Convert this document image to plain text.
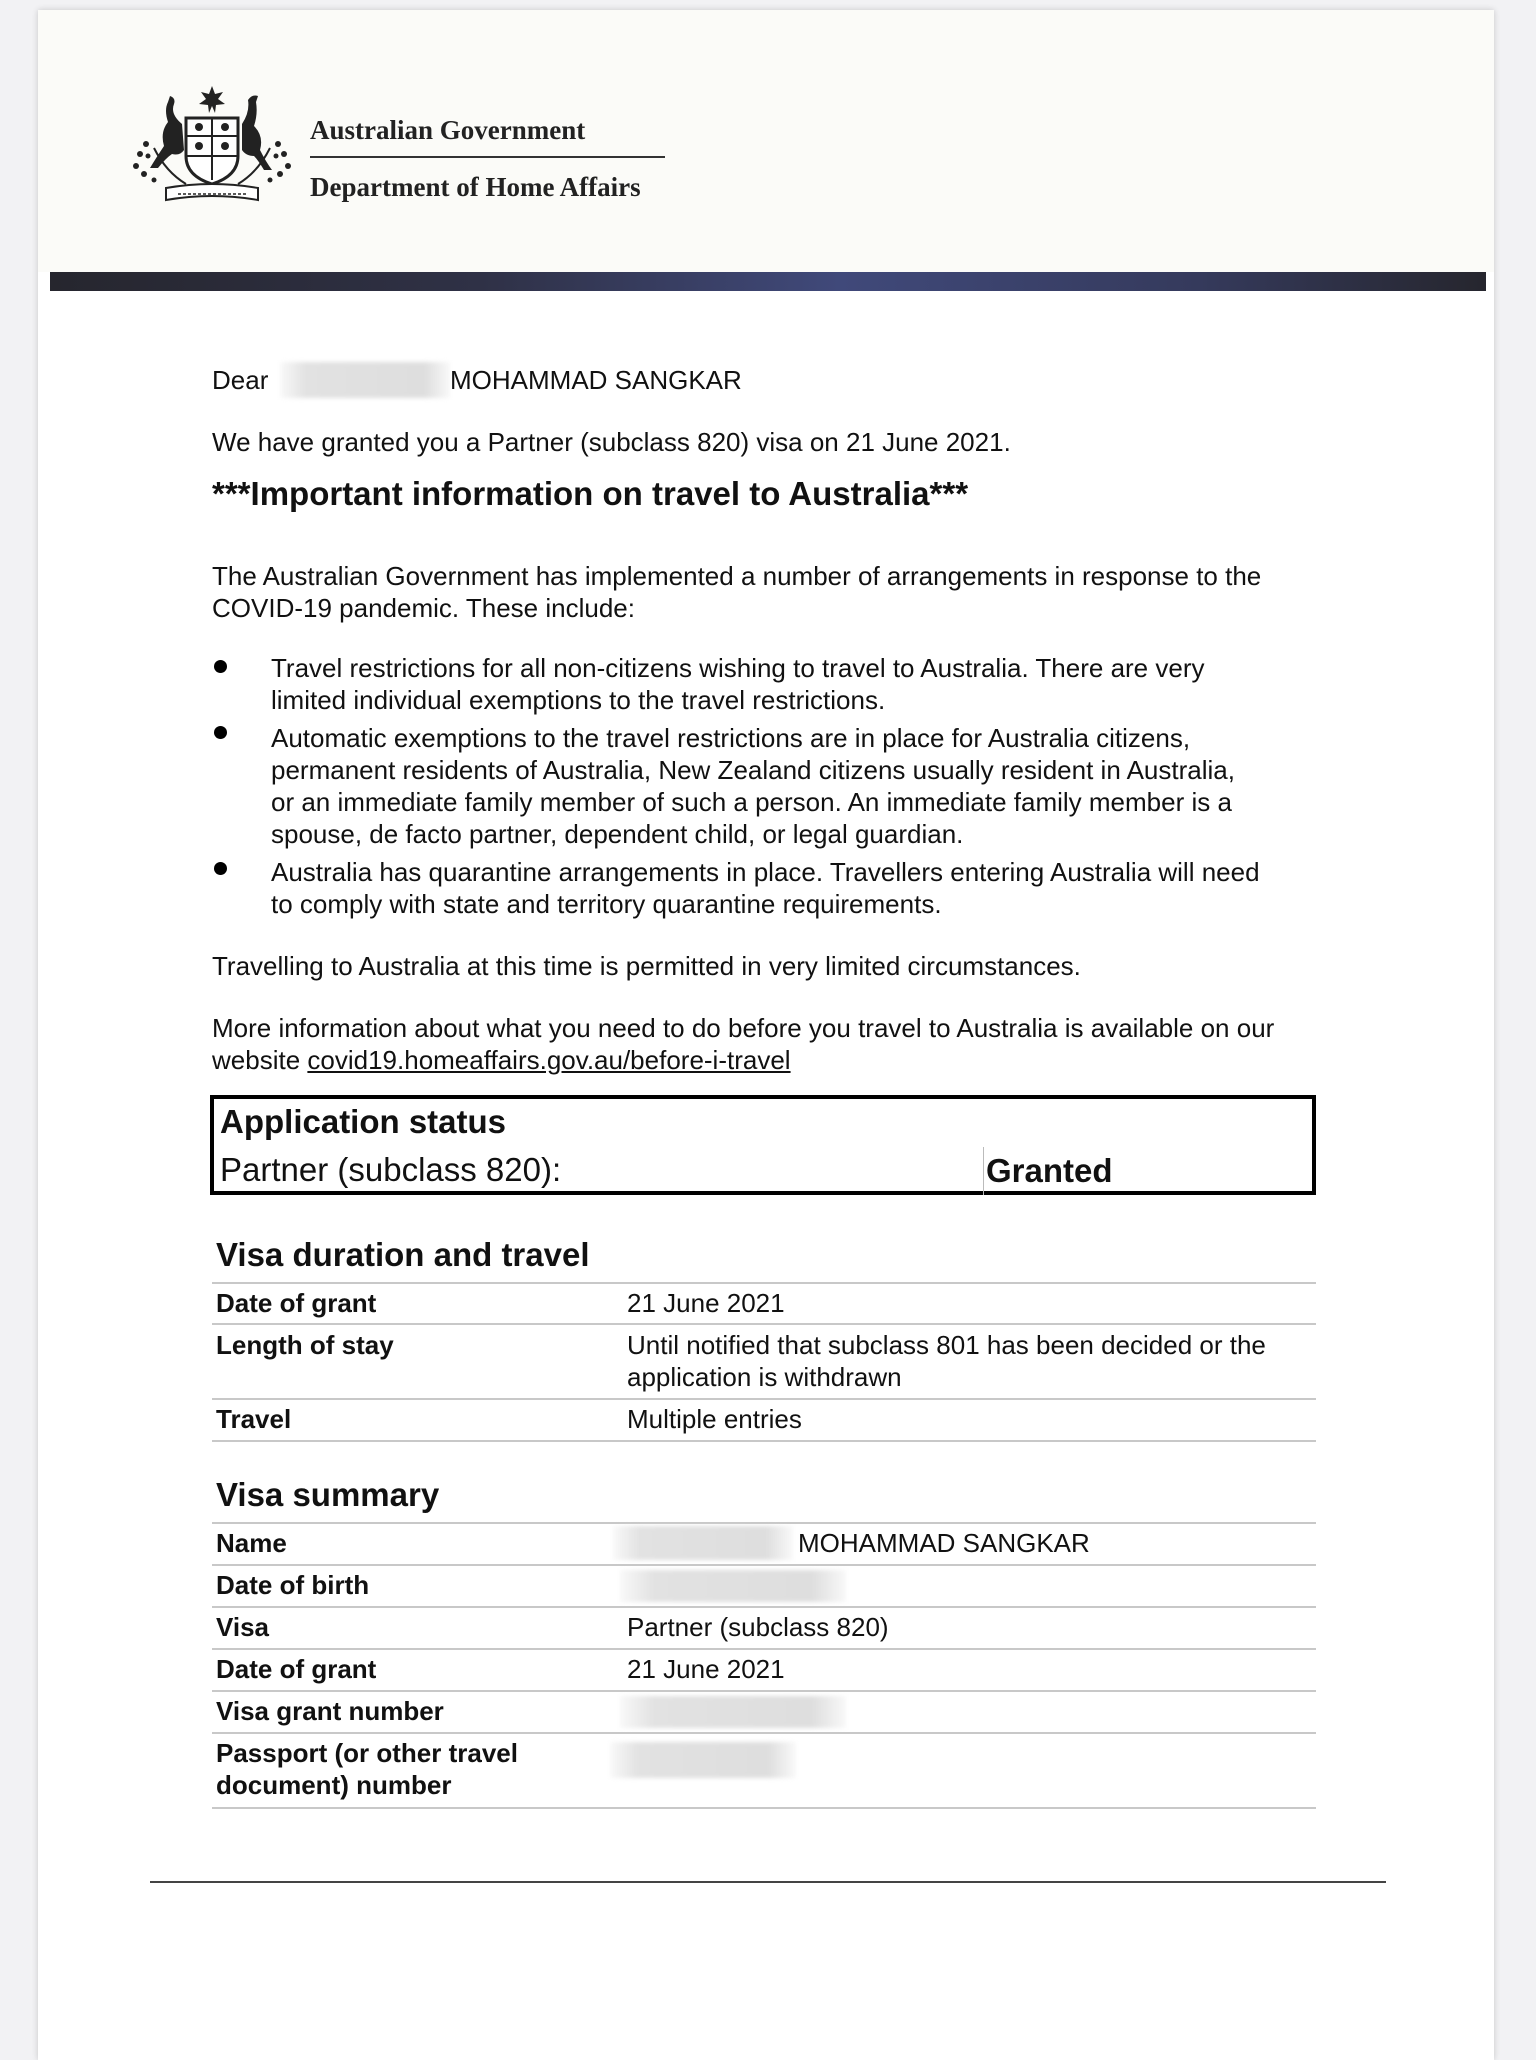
Australian Government
Department of Home Affairs
Dear	MOHAMMAD SANGKAR
We have granted you a Partner (subclass 820) visa on 21 June 2021.
***Important information on travel to Australia***
The Australian Government has implemented a number of arrangements in response to the
COVID-19 pandemic. These include:
Travel restrictions for all non-citizens wishing to travel to Australia. There are very
limited individual exemptions to the travel restrictions.
Automatic exemptions to the travel restrictions are in place for Australia citizens,
permanent residents of Australia, New Zealand citizens usually resident in Australia,
or an immediate family member of such a person. An immediate family member is a
spouse, de facto partner, dependent child, or legal guardian.
Australia has quarantine arrangements in place. Travellers entering Australia will need
to comply with state and territory quarantine requirements.
Travelling to Australia at this time is permitted in very limited circumstances.
More information about what you need to do before you travel to Australia is available on our
website covid19.homeaffairs.gov.au/before-i-travel
Application status
Partner (subclass 820):	Granted
Visa duration and travel
Date of grant	21 June 2021
Length of stay	Until notified that subclass 801 has been decided or the
application is withdrawn
Travel	Multiple entries
Visa summary
Name	MOHAMMAD SANGKAR
Date of birth
Visa	Partner (subclass 820)
Date of grant	21 June 2021
Visa grant number
Passport (or other travel
document) number
